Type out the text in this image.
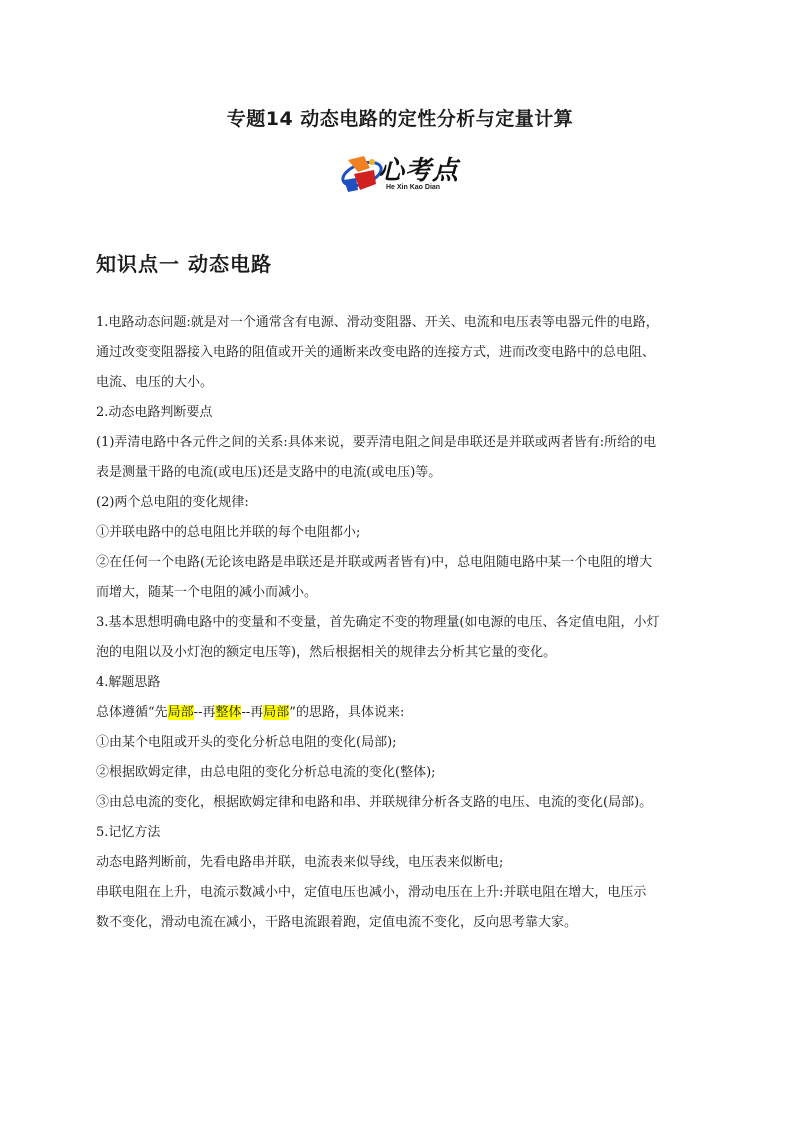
专题14 动态电路的定性分析与定量计算
心考点
He Xin Kao Dian
知识点一 动态电路
1.电路动态问题:就是对一个通常含有电源、滑动变阻器、开关、电流和电压表等电器元件的电路，
通过改变变阻器接入电路的阻值或开关的通断来改变电路的连接方式，进而改变电路中的总电阻、
电流、电压的大小。
2.动态电路判断要点
(1)弄清电路中各元件之间的关系:具体来说，要弄清电阻之间是串联还是并联或两者皆有:所给的电
表是测量干路的电流(或电压)还是支路中的电流(或电压)等。
(2)两个总电阻的变化规律:
①并联电路中的总电阻比并联的每个电阻都小;
②在任何一个电路(无论该电路是串联还是并联或两者皆有)中，总电阻随电路中某一个电阻的增大
而增大，随某一个电阻的减小而减小。
3.基本思想明确电路中的变量和不变量，首先确定不变的物理量(如电源的电压、各定值电阻，小灯
泡的电阻以及小灯泡的额定电压等)，然后根据相关的规律去分析其它量的变化。
4.解题思路
总体遵循“先局部--再整体--再局部”的思路，具体说来:
①由某个电阻或开头的变化分析总电阻的变化(局部);
②根据欧姆定律，由总电阻的变化分析总电流的变化(整体);
③由总电流的变化，根据欧姆定律和电路和串、并联规律分析各支路的电压、电流的变化(局部)。
5.记忆方法
动态电路判断前，先看电路串并联，电流表来似导线，电压表来似断电;
串联电阻在上升，电流示数减小中，定值电压也减小，滑动电压在上升:并联电阻在增大，电压示
数不变化，滑动电流在减小，干路电流跟着跑，定值电流不变化，反向思考靠大家。
